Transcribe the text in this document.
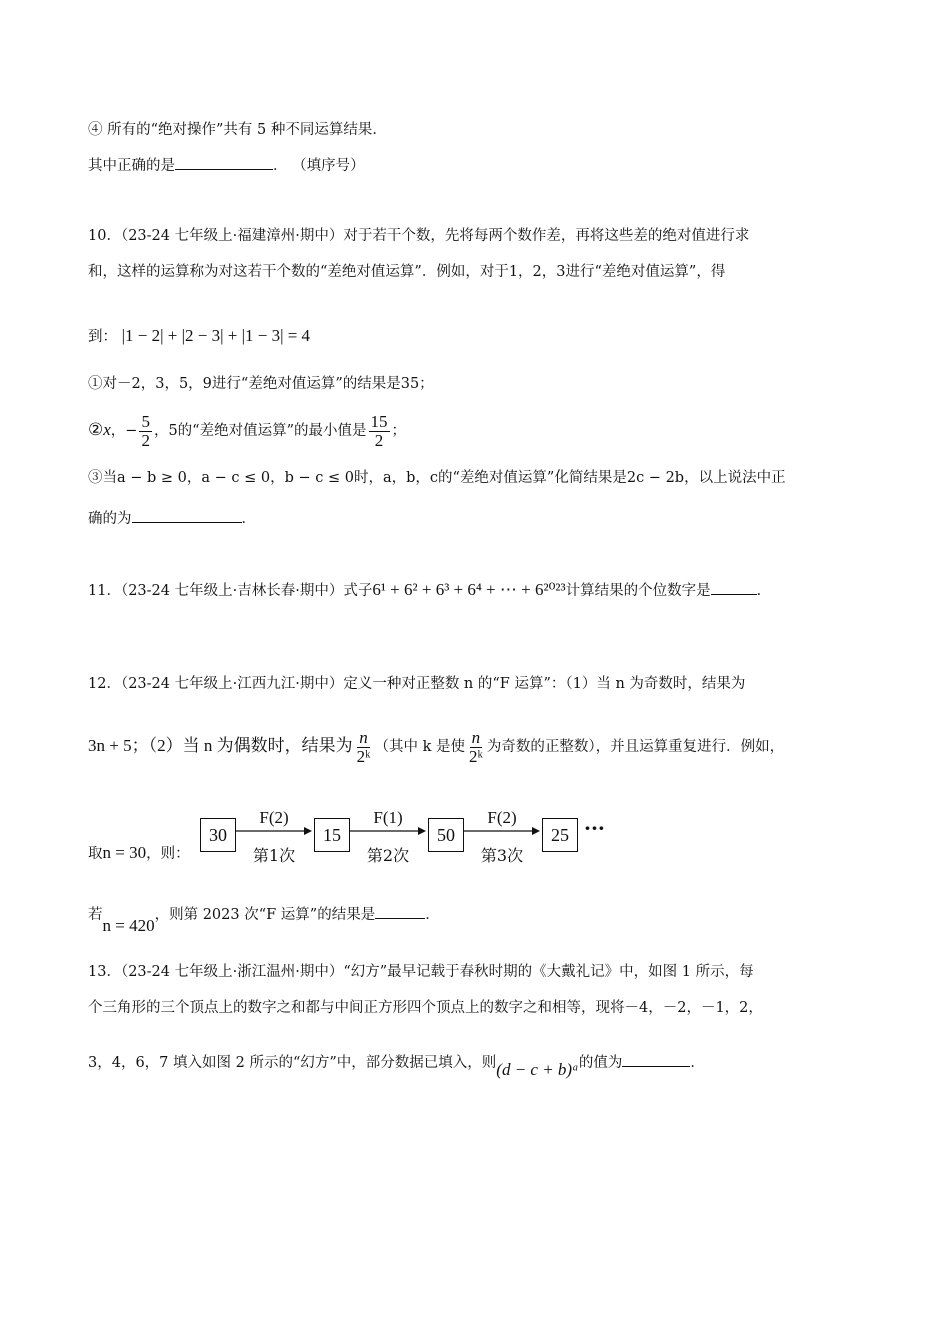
④ 所有的“绝对操作”共有 5 种不同运算结果．
其中正确的是	． （填序号）
10．（23-24 七年级上·福建漳州·期中）对于若干个数，先将每两个数作差，再将这些差的绝对值进行求
和，这样的运算称为对这若干个数的“差绝对值运算”．例如，对于1，2，3进行“差绝对值运算”，得
到： |1 − 2| + |2 − 3| + |1 − 3| = 4
①对－2，3，5，9进行“差绝对值运算”的结果是35；
②x，− $\frac{5}{2}$ ，5的“差绝对值运算”的最小值是 $\frac{15}{2}$ ；
③当a − b ≥ 0，a − c ≤ 0，b − c ≤ 0时，a，b，c的“差绝对值运算”化简结果是2c − 2b，以上说法中正
确的为	．
11．（23-24 七年级上·吉林长春·期中）式子6¹ + 6² + 6³ + 6⁴ + ⋯ + 6²⁰²³计算结果的个位数字是	．
12．（23-24 七年级上·江西九江·期中）定义一种对正整数 n 的“F 运算”：（1）当 n 为奇数时，结果为
3n + 5；（2）当 n 为偶数时，结果为 $\frac{n}{\text{2ᵏ}}$ （其中 k 是使 $\frac{n}{\text{2ᵏ}}$ 为奇数的正整数），并且运算重复进行．例如，
取n = 30，则：
30
F(2)
第1次
15
F(1)
第2次
50
F(2)
第3次
25 ···
若n = 420，则第 2023 次“F 运算”的结果是	．
13．（23-24 七年级上·浙江温州·期中）“幻方”最早记载于春秋时期的《大戴礼记》中，如图 1 所示，每
个三角形的三个顶点上的数字之和都与中间正方形四个顶点上的数字之和相等，现将－4，－2，－1，2，
3，4，6，7 填入如图 2 所示的“幻方”中，部分数据已填入，则(d − c + b)ᵃ的值为	．
